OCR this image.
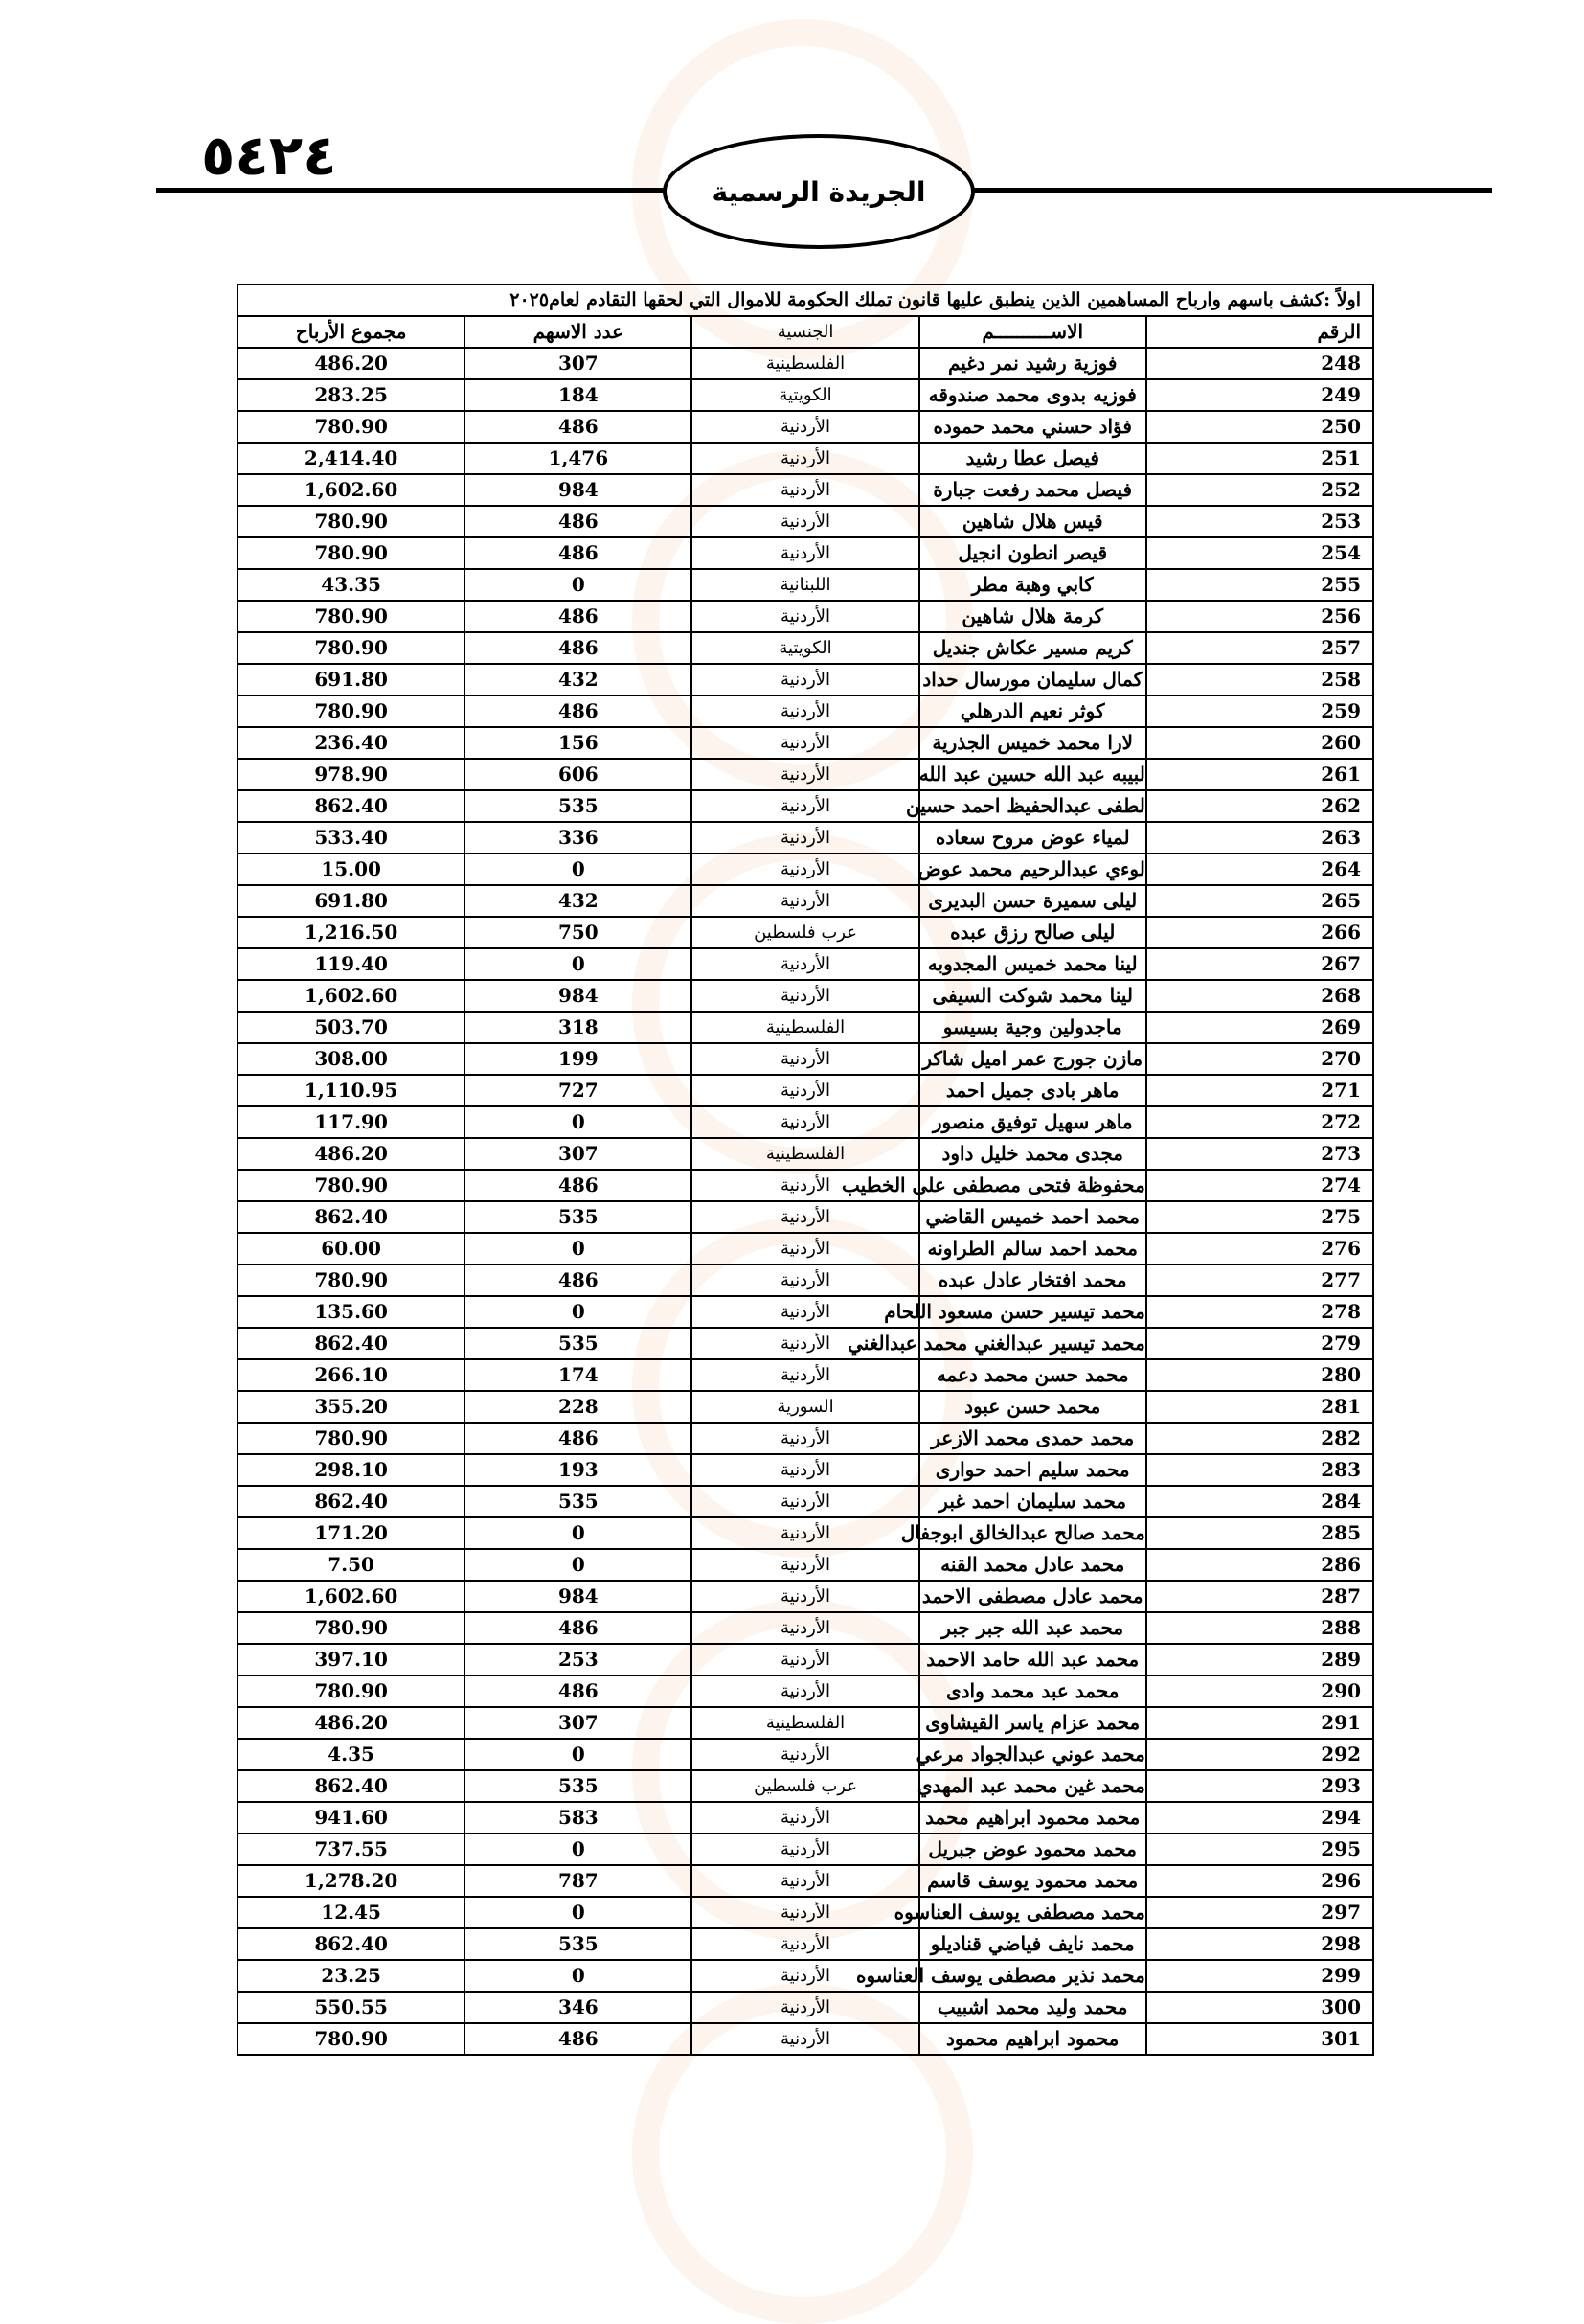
٥٤٢٤
الجريدة الرسمية
اولاً :كشف باسهم وارباح المساهمين الذين ينطبق عليها قانون تملك الحكومة للاموال التي لحقها التقادم لعام٢٠٢٥				
الرقم	الاســــــــــم	الجنسية	عدد الاسهم	مجموع الأرباح
248	فوزية رشيد نمر دغيم	الفلسطينية	307	486.20
249	فوزيه بدوى محمد صندوقه	الكويتية	184	283.25
250	فؤاد حسني محمد حموده	الأردنية	486	780.90
251	فيصل عطا رشيد	الأردنية	1,476	2,414.40
252	فيصل محمد رفعت جبارة	الأردنية	984	1,602.60
253	قيس هلال شاهين	الأردنية	486	780.90
254	قيصر انطون انجيل	الأردنية	486	780.90
255	كابي وهبة مطر	اللبنانية	0	43.35
256	كرمة هلال شاهين	الأردنية	486	780.90
257	كريم مسير عكاش جنديل	الكويتية	486	780.90
258	كمال سليمان مورسال حداد	الأردنية	432	691.80
259	كوثر نعيم الدرهلي	الأردنية	486	780.90
260	لارا محمد خميس الجذرية	الأردنية	156	236.40
261	لبيبه عبد الله حسين عبد الله	الأردنية	606	978.90
262	لطفى عبدالحفيظ احمد حسين	الأردنية	535	862.40
263	لمياء عوض مروح سعاده	الأردنية	336	533.40
264	لوءي عبدالرحيم محمد عوض	الأردنية	0	15.00
265	ليلى سميرة حسن البديرى	الأردنية	432	691.80
266	ليلى صالح رزق عبده	عرب فلسطين	750	1,216.50
267	لينا محمد خميس المجدوبه	الأردنية	0	119.40
268	لينا محمد شوكت السيفى	الأردنية	984	1,602.60
269	ماجدولين وجية بسيسو	الفلسطينية	318	503.70
270	مازن جورج عمر اميل شاكر	الأردنية	199	308.00
271	ماهر بادى جميل احمد	الأردنية	727	1,110.95
272	ماهر سهيل توفيق منصور	الأردنية	0	117.90
273	مجدى محمد خليل داود	الفلسطينية	307	486.20
274	محفوظة فتحى مصطفى على الخطيب	الأردنية	486	780.90
275	محمد احمد خميس القاضي	الأردنية	535	862.40
276	محمد احمد سالم الطراونه	الأردنية	0	60.00
277	محمد افتخار عادل عبده	الأردنية	486	780.90
278	محمد تيسير حسن مسعود اللحام	الأردنية	0	135.60
279	محمد تيسير عبدالغني محمد عبدالغني	الأردنية	535	862.40
280	محمد حسن محمد دعمه	الأردنية	174	266.10
281	محمد حسن عبود	السورية	228	355.20
282	محمد حمدى محمد الازعر	الأردنية	486	780.90
283	محمد سليم احمد حوارى	الأردنية	193	298.10
284	محمد سليمان احمد غبر	الأردنية	535	862.40
285	محمد صالح عبدالخالق ابوجفال	الأردنية	0	171.20
286	محمد عادل محمد القنه	الأردنية	0	7.50
287	محمد عادل مصطفى الاحمد	الأردنية	984	1,602.60
288	محمد عبد الله جبر جبر	الأردنية	486	780.90
289	محمد عبد الله حامد الاحمد	الأردنية	253	397.10
290	محمد عبد محمد وادى	الأردنية	486	780.90
291	محمد عزام ياسر القيشاوى	الفلسطينية	307	486.20
292	محمد عوني عبدالجواد مرعي	الأردنية	0	4.35
293	محمد غين محمد عبد المهدي	عرب فلسطين	535	862.40
294	محمد محمود ابراهيم محمد	الأردنية	583	941.60
295	محمد محمود عوض جبريل	الأردنية	0	737.55
296	محمد محمود يوسف قاسم	الأردنية	787	1,278.20
297	محمد مصطفى يوسف العناسوه	الأردنية	0	12.45
298	محمد نايف فياضي قناديلو	الأردنية	535	862.40
299	محمد نذير مصطفى يوسف العناسوه	الأردنية	0	23.25
300	محمد وليد محمد اشبيب	الأردنية	346	550.55
301	محمود ابراهيم محمود	الأردنية	486	780.90
